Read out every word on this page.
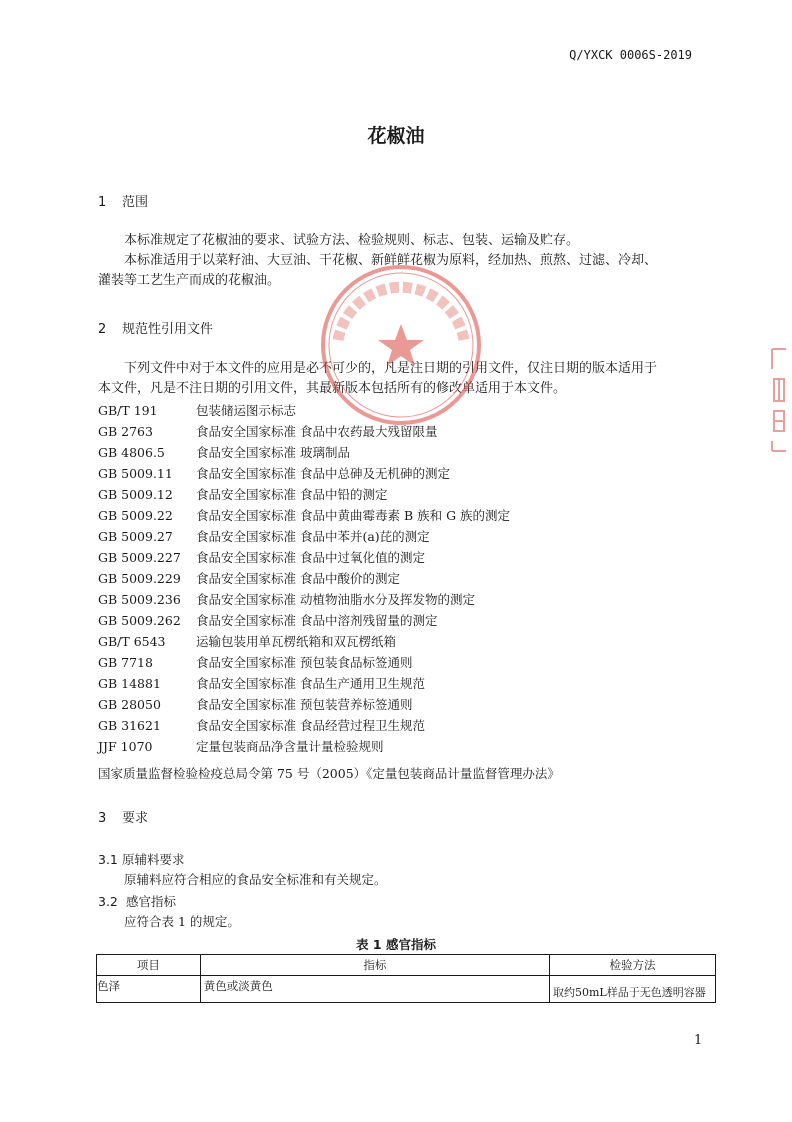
Q/YXCK 0006S-2019
花椒油
1 范围
本标准规定了花椒油的要求、试验方法、检验规则、标志、包装、运输及贮存。
本标准适用于以菜籽油、大豆油、干花椒、新鲜鲜花椒为原料，经加热、煎熬、过滤、冷却、
灌装等工艺生产而成的花椒油。
2 规范性引用文件
下列文件中对于本文件的应用是必不可少的，凡是注日期的引用文件，仅注日期的版本适用于
本文件，凡是不注日期的引用文件，其最新版本包括所有的修改单适用于本文件。
GB/T 191	包装储运图示标志
GB 2763	食品安全国家标准 食品中农药最大残留限量
GB 4806.5 食品安全国家标准 玻璃制品
GB 5009.11 食品安全国家标准 食品中总砷及无机砷的测定
GB 5009.12 食品安全国家标准 食品中铅的测定
GB 5009.22 食品安全国家标准 食品中黄曲霉毒素 B 族和 G 族的测定
GB 5009.27 食品安全国家标准 食品中苯并(a)芘的测定
GB 5009.227 食品安全国家标准 食品中过氧化值的测定
GB 5009.229 食品安全国家标准 食品中酸价的测定
GB 5009.236 食品安全国家标准 动植物油脂水分及挥发物的测定
GB 5009.262 食品安全国家标准 食品中溶剂残留量的测定
GB/T 6543 运输包装用单瓦楞纸箱和双瓦楞纸箱
GB 7718	食品安全国家标准 预包装食品标签通则
GB 14881	食品安全国家标准 食品生产通用卫生规范
GB 28050	食品安全国家标准 预包装营养标签通则
GB 31621	食品安全国家标准 食品经营过程卫生规范
JJF 1070	定量包装商品净含量计量检验规则
国家质量监督检验检疫总局令第 75 号（2005）《定量包装商品计量监督管理办法》
3 要求
3.1 原辅料要求
原辅料应符合相应的食品安全标准和有关规定。
3.2 感官指标
应符合表 1 的规定。
表 1 感官指标
项目	指标	检验方法
色泽	黄色或淡黄色	取约50mL样品于无色透明容器
1
